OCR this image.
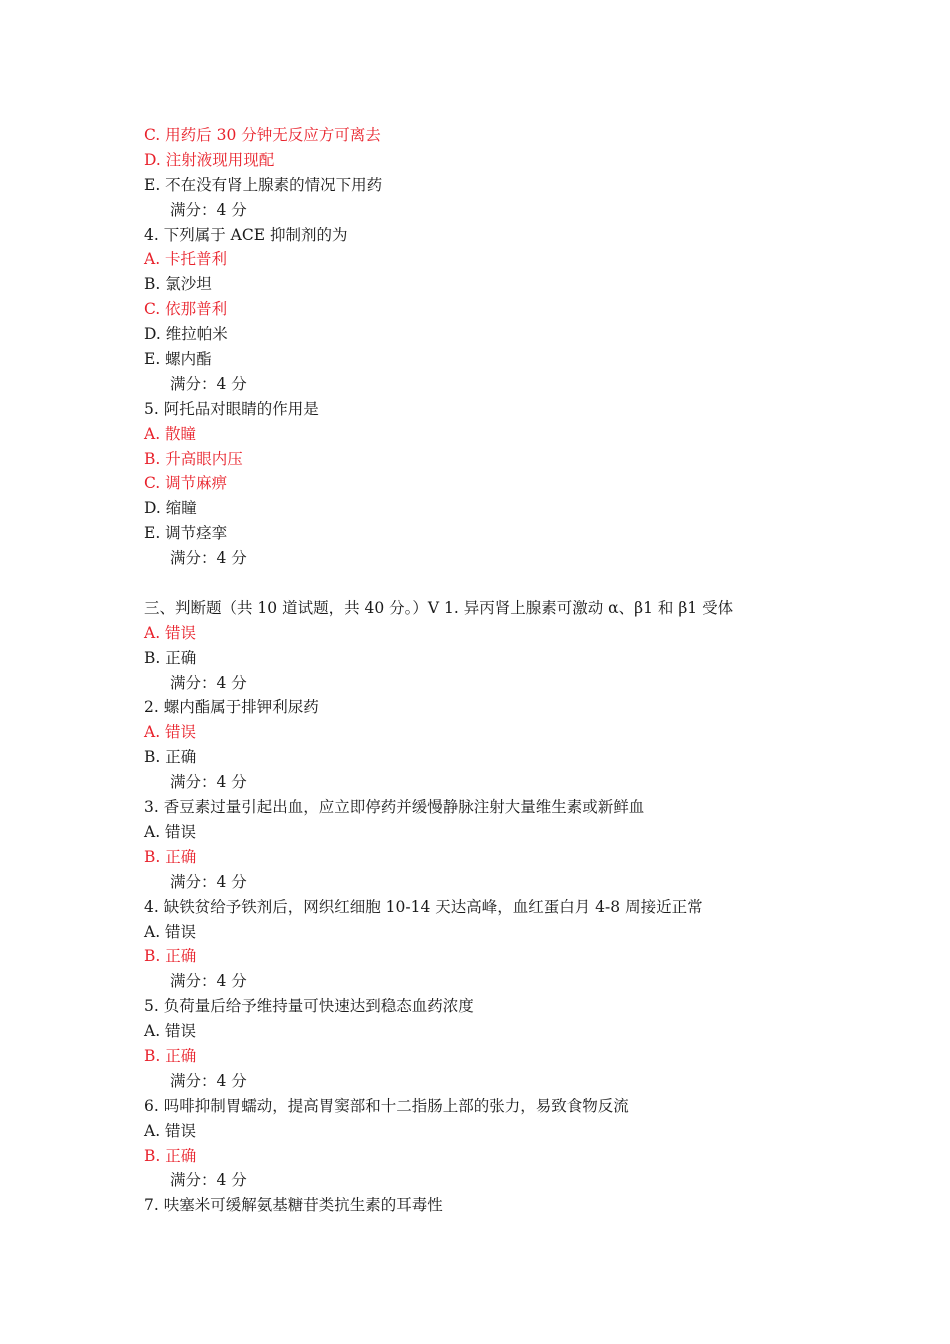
C. 用药后 30 分钟无反应方可离去
D. 注射液现用现配
E. 不在没有肾上腺素的情况下用药
满分：4 分
4. 下列属于 ACE 抑制剂的为
A. 卡托普利
B. 氯沙坦
C. 依那普利
D. 维拉帕米
E. 螺内酯
满分：4 分
5. 阿托品对眼睛的作用是
A. 散瞳
B. 升高眼内压
C. 调节麻痹
D. 缩瞳
E. 调节痉挛
满分：4 分
三、判断题（共 10 道试题，共 40 分。）V 1. 异丙肾上腺素可激动 α、β1 和 β1 受体
A. 错误
B. 正确
满分：4 分
2. 螺内酯属于排钾利尿药
A. 错误
B. 正确
满分：4 分
3. 香豆素过量引起出血，应立即停药并缓慢静脉注射大量维生素或新鲜血
A. 错误
B. 正确
满分：4 分
4. 缺铁贫给予铁剂后，网织红细胞 10-14 天达高峰，血红蛋白月 4-8 周接近正常
A. 错误
B. 正确
满分：4 分
5. 负荷量后给予维持量可快速达到稳态血药浓度
A. 错误
B. 正确
满分：4 分
6. 吗啡抑制胃蠕动，提高胃窦部和十二指肠上部的张力，易致食物反流
A. 错误
B. 正确
满分：4 分
7. 呋塞米可缓解氨基糖苷类抗生素的耳毒性
